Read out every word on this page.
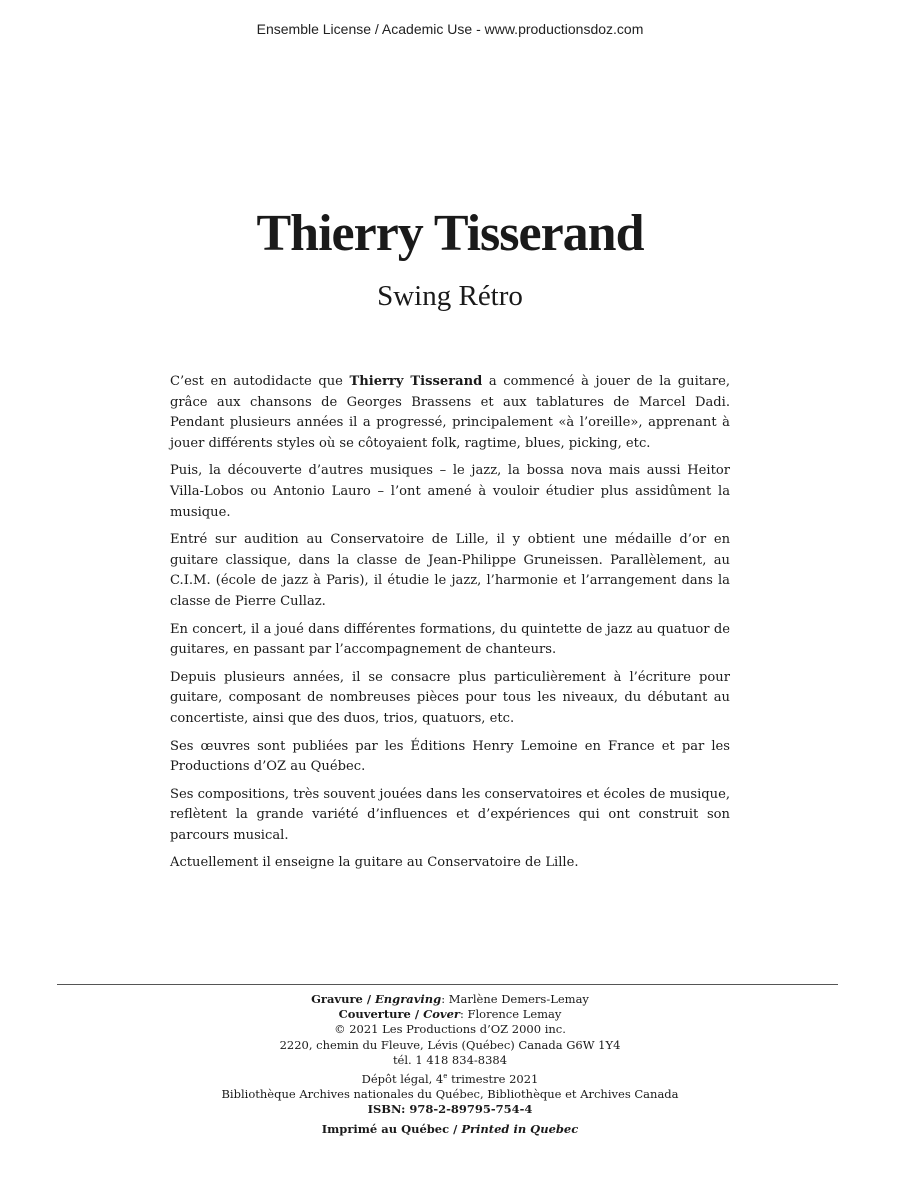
Ensemble License / Academic Use - www.productionsdoz.com
Thierry Tisserand
Swing Rétro

C’est en autodidacte que Thierry Tisserand a commencé à jouer de la guitare, grâce aux chansons de Georges Brassens et aux tablatures de Marcel Dadi. Pendant plusieurs années il a progressé, principalement «à l’oreille», apprenant à jouer différents styles où se côtoyaient folk, ragtime, blues, picking, etc.

Puis, la découverte d’autres musiques – le jazz, la bossa nova mais aussi Heitor Villa-Lobos ou Antonio Lauro – l’ont amené à vouloir étudier plus assidûment la musique.

Entré sur audition au Conservatoire de Lille, il y obtient une médaille d’or en guitare classique, dans la classe de Jean-Philippe Gruneissen. Parallèlement, au C.I.M. (école de jazz à Paris), il étudie le jazz, l’harmonie et l’arrangement dans la classe de Pierre Cullaz.

En concert, il a joué dans différentes formations, du quintette de jazz au quatuor de guitares, en passant par l’accompagnement de chanteurs.

Depuis plusieurs années, il se consacre plus particulièrement à l’écriture pour guitare, composant de nombreuses pièces pour tous les niveaux, du débutant au concertiste, ainsi que des duos, trios, quatuors, etc.

Ses œuvres sont publiées par les Éditions Henry Lemoine en France et par les Productions d’OZ au Québec.

Ses compositions, très souvent jouées dans les conservatoires et écoles de musique, reflètent la grande variété d’influences et d’expériences qui ont construit son parcours musical.

Actuellement il enseigne la guitare au Conservatoire de Lille.

Gravure / Engraving: Marlène Demers-Lemay
Couverture / Cover: Florence Lemay
© 2021 Les Productions d’OZ 2000 inc.
2220, chemin du Fleuve, Lévis (Québec) Canada G6W 1Y4
tél. 1 418 834-8384
Dépôt légal, 4e trimestre 2021
Bibliothèque Archives nationales du Québec, Bibliothèque et Archives Canada
ISBN: 978-2-89795-754-4
Imprimé au Québec / Printed in Quebec
